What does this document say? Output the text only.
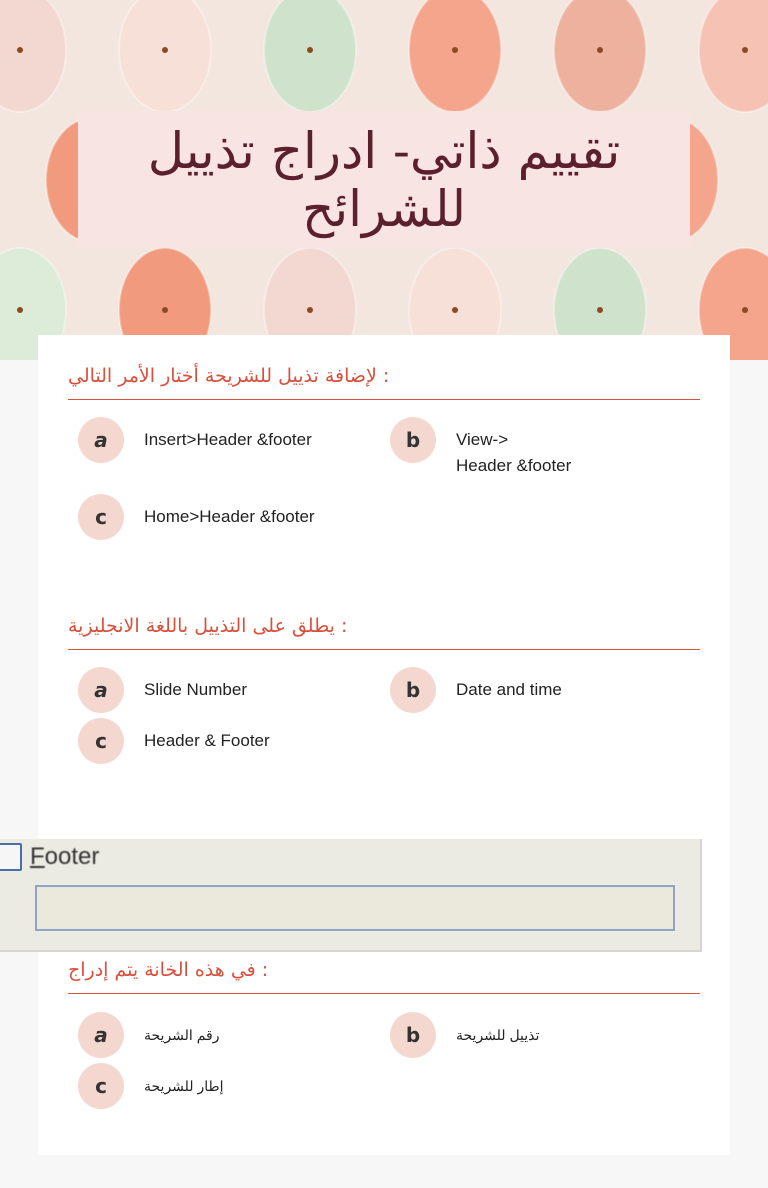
تقييم ذاتي- ادراج تذييل للشرائح
: لإضافة تذييل للشريحة أختار الأمر التالي
a	Insert>Header &footer	b	View->
Header &footer
c	Home>Header &footer
: يطلق على التذييل باللغة الانجليزية
a	Slide Number	b	Date and time
c	Header & Footer
: في هذه الخانة يتم إدراج
a	رقم الشريحة	b	تذييل للشريحة
c	إطار للشريحة
Footer
